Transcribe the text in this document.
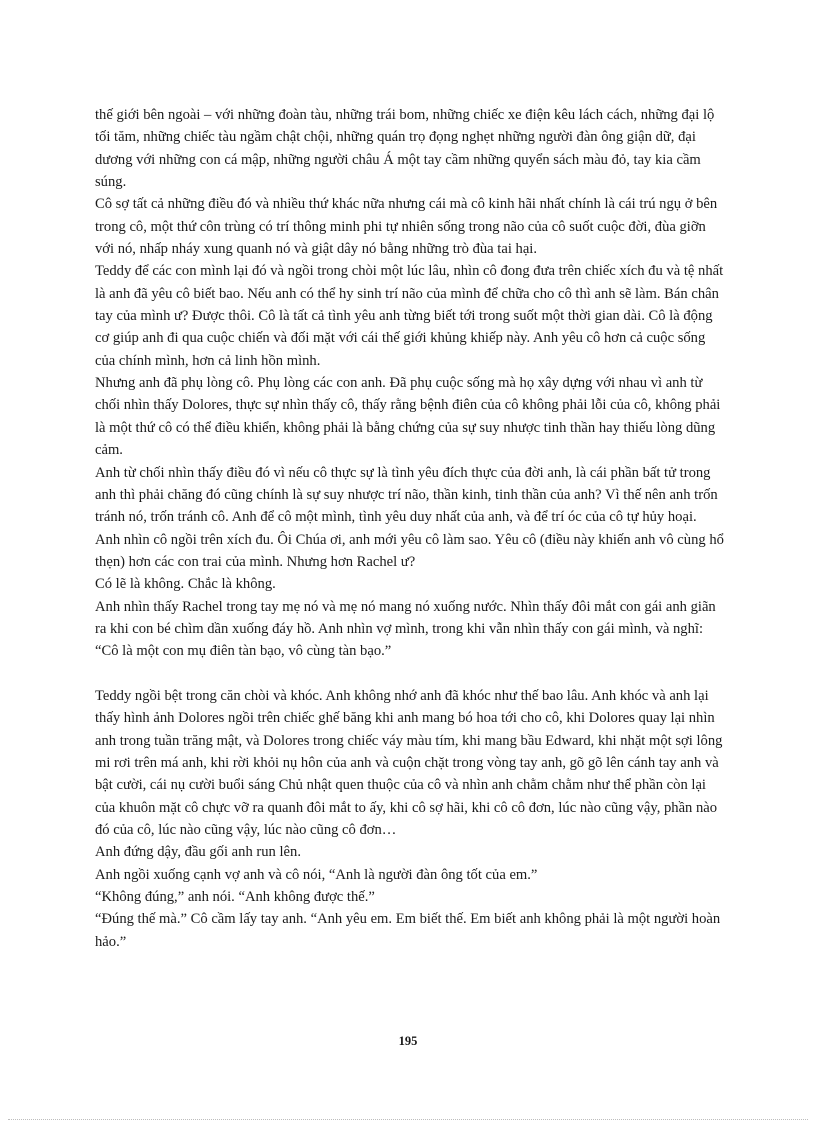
thế giới bên ngoài – với những đoàn tàu, những trái bom, những chiếc xe điện kêu lách cách, những đại lộ tối tăm, những chiếc tàu ngầm chật chội, những quán trọ đọng nghẹt những người đàn ông giận dữ, đại dương với những con cá mập, những người châu Á một tay cầm những quyển sách màu đỏ, tay kia cầm súng.

Cô sợ tất cả những điều đó và nhiều thứ khác nữa nhưng cái mà cô kinh hãi nhất chính là cái trú ngụ ở bên trong cô, một thứ côn trùng có trí thông minh phi tự nhiên sống trong não của cô suốt cuộc đời, đùa giỡn với nó, nhấp nháy xung quanh nó và giật dây nó bằng những trò đùa tai hại.

Teddy để các con mình lại đó và ngồi trong chòi một lúc lâu, nhìn cô đong đưa trên chiếc xích đu và tệ nhất là anh đã yêu cô biết bao. Nếu anh có thể hy sinh trí não của mình để chữa cho cô thì anh sẽ làm. Bán chân tay của mình ư? Được thôi. Cô là tất cả tình yêu anh từng biết tới trong suốt một thời gian dài. Cô là động cơ giúp anh đi qua cuộc chiến và đối mặt với cái thế giới khủng khiếp này. Anh yêu cô hơn cả cuộc sống của chính mình, hơn cả linh hồn mình.

Nhưng anh đã phụ lòng cô. Phụ lòng các con anh. Đã phụ cuộc sống mà họ xây dựng với nhau vì anh từ chối nhìn thấy Dolores, thực sự nhìn thấy cô, thấy rằng bệnh điên của cô không phải lỗi của cô, không phải là một thứ cô có thể điều khiển, không phải là bằng chứng của sự suy nhược tinh thần hay thiếu lòng dũng cảm.

Anh từ chối nhìn thấy điều đó vì nếu cô thực sự là tình yêu đích thực của đời anh, là cái phần bất tử trong anh thì phải chăng đó cũng chính là sự suy nhược trí não, thần kinh, tinh thần của anh? Vì thế nên anh trốn tránh nó, trốn tránh cô. Anh để cô một mình, tình yêu duy nhất của anh, và để trí óc của cô tự hủy hoại.

Anh nhìn cô ngồi trên xích đu. Ôi Chúa ơi, anh mới yêu cô làm sao. Yêu cô (điều này khiến anh vô cùng hổ thẹn) hơn các con trai của mình. Nhưng hơn Rachel ư?

Có lẽ là không. Chắc là không.

Anh nhìn thấy Rachel trong tay mẹ nó và mẹ nó mang nó xuống nước. Nhìn thấy đôi mắt con gái anh giãn ra khi con bé chìm dần xuống đáy hồ. Anh nhìn vợ mình, trong khi vẫn nhìn thấy con gái mình, và nghĩ: “Cô là một con mụ điên tàn bạo, vô cùng tàn bạo.”

Teddy ngồi bệt trong căn chòi và khóc. Anh không nhớ anh đã khóc như thế bao lâu. Anh khóc và anh lại thấy hình ảnh Dolores ngồi trên chiếc ghế băng khi anh mang bó hoa tới cho cô, khi Dolores quay lại nhìn anh trong tuần trăng mật, và Dolores trong chiếc váy màu tím, khi mang bầu Edward, khi nhặt một sợi lông mi rơi trên má anh, khi rời khỏi nụ hôn của anh và cuộn chặt trong vòng tay anh, gõ gõ lên cánh tay anh và bật cười, cái nụ cười buổi sáng Chủ nhật quen thuộc của cô và nhìn anh chằm chằm như thể phần còn lại của khuôn mặt cô chực vỡ ra quanh đôi mắt to ấy, khi cô sợ hãi, khi cô cô đơn, lúc nào cũng vậy, phần nào đó của cô, lúc nào cũng vậy, lúc nào cũng cô đơn…

Anh đứng dậy, đầu gối anh run lên.

Anh ngồi xuống cạnh vợ anh và cô nói, “Anh là người đàn ông tốt của em.”

“Không đúng,” anh nói. “Anh không được thế.”

“Đúng thế mà.” Cô cầm lấy tay anh. “Anh yêu em. Em biết thế. Em biết anh không phải là một người hoàn hảo.”

195
